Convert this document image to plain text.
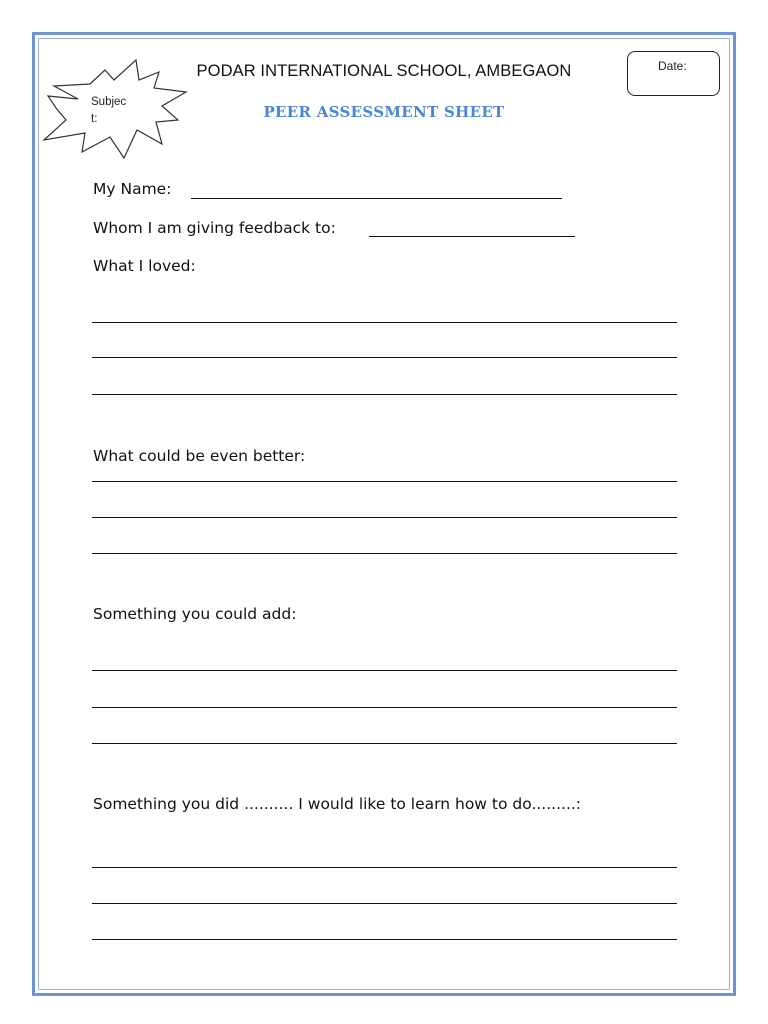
Subject:
PODAR INTERNATIONAL SCHOOL, AMBEGAON
PEER ASSESSMENT SHEET
Date:
My Name:
Whom I am giving feedback to:
What I loved:
What could be even better:
Something you could add:
Something you did .......... I would like to learn how to do.........:
